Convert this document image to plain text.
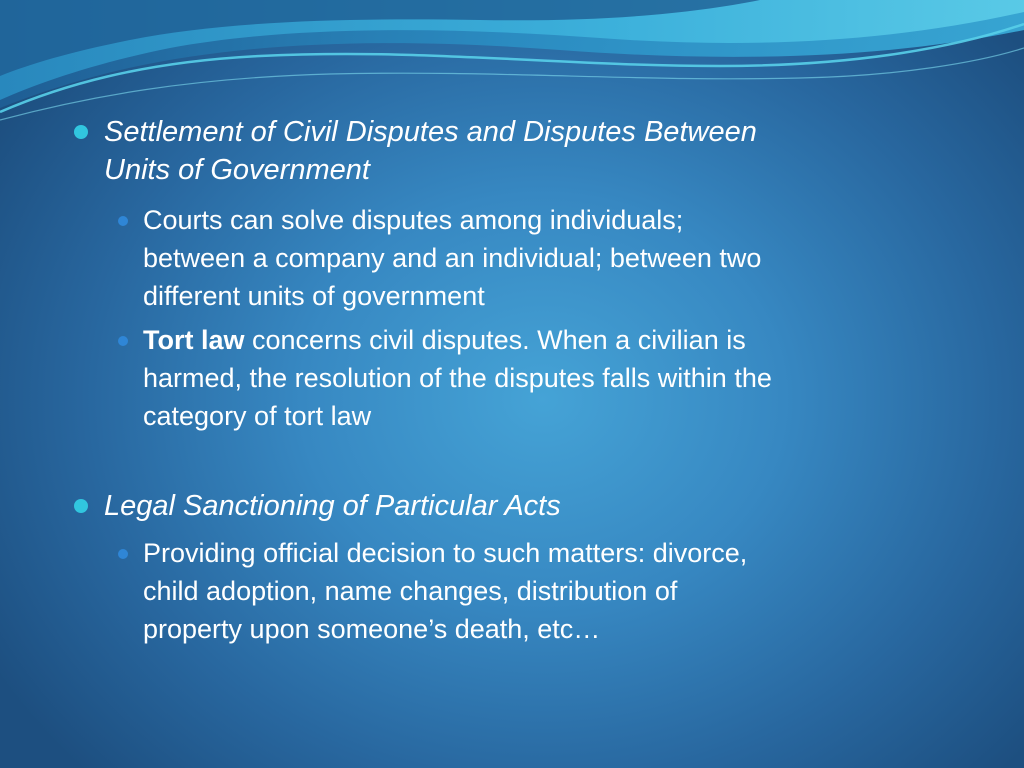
Settlement of Civil Disputes and Disputes Between
Units of Government
Courts can solve disputes among individuals;
between a company and an individual; between two
different units of government
Tort law concerns civil disputes. When a civilian is
harmed, the resolution of the disputes falls within the
category of tort law
Legal Sanctioning of Particular Acts
Providing official decision to such matters: divorce,
child adoption, name changes, distribution of
property upon someone’s death, etc…
